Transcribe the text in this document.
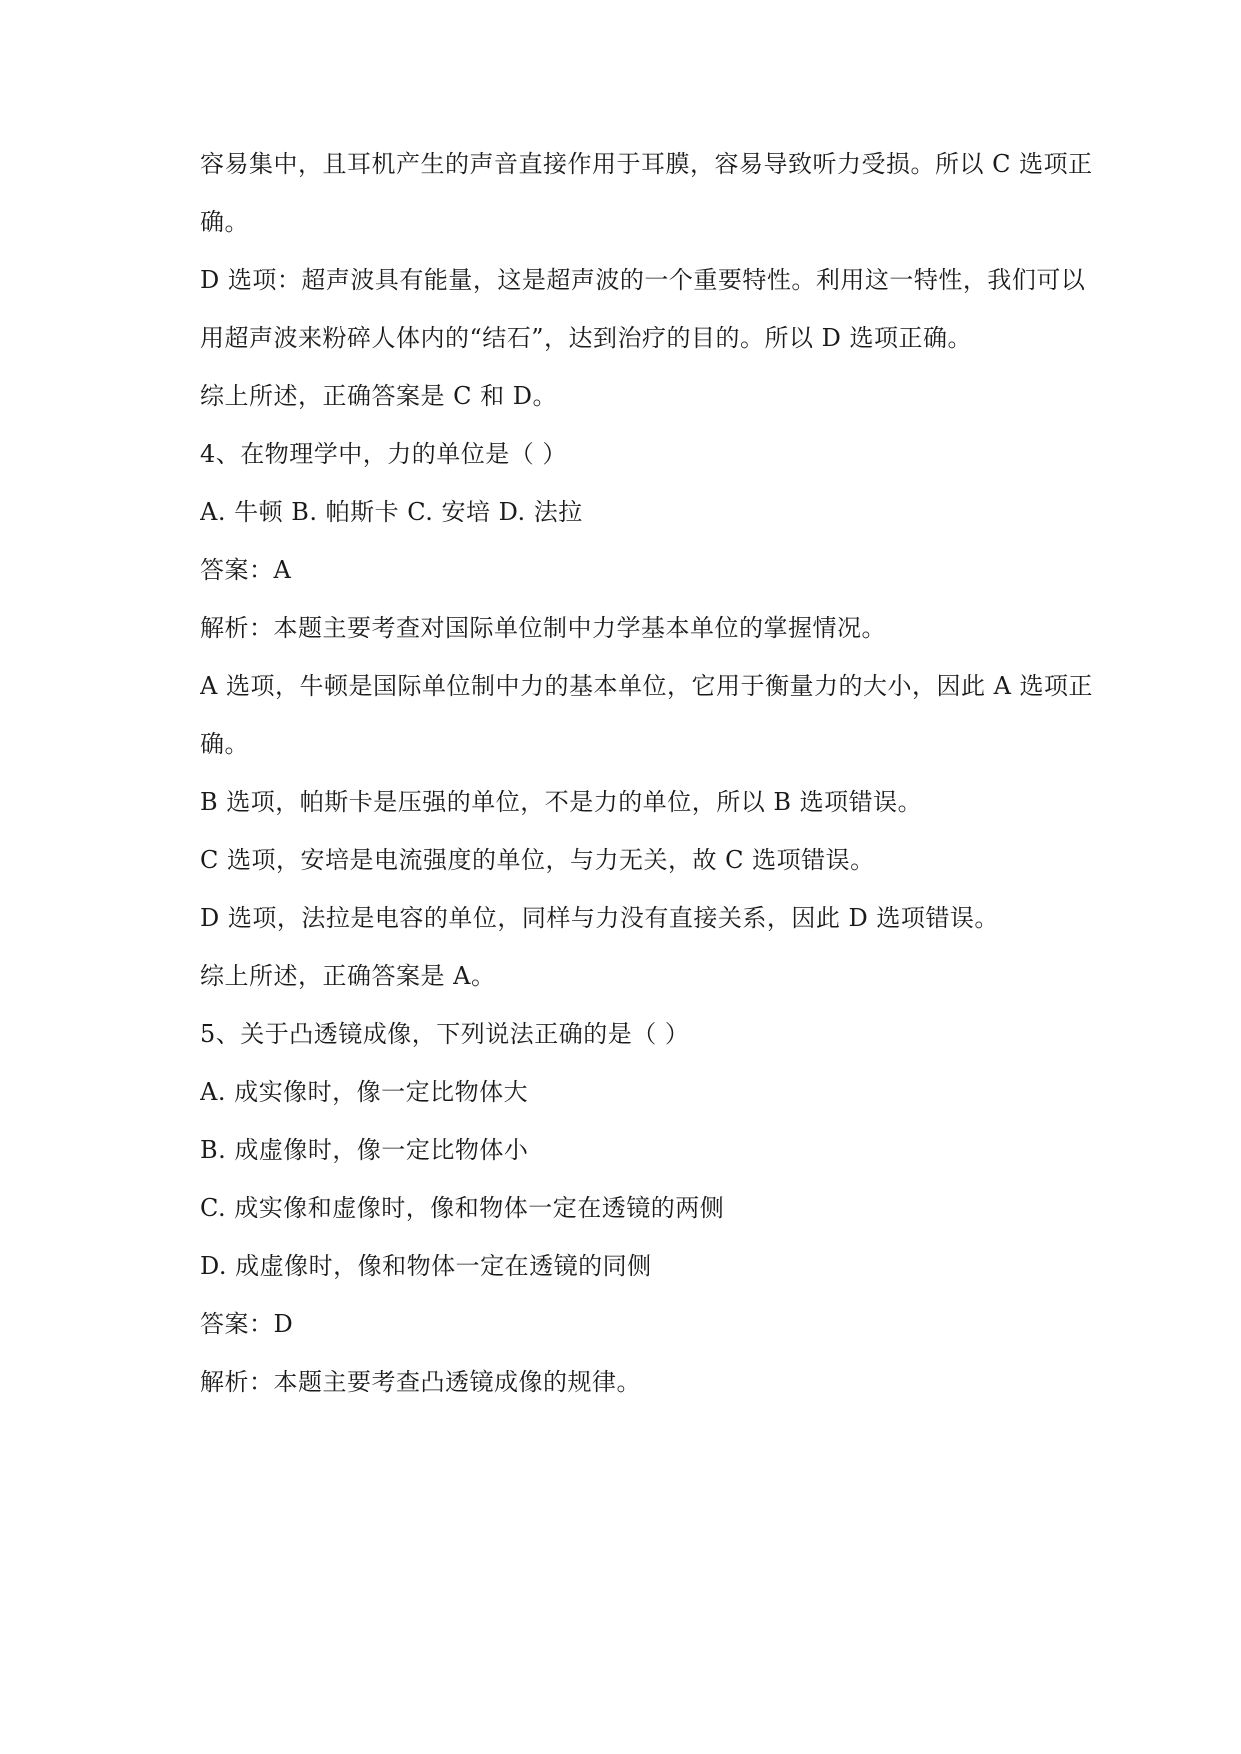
容易集中，且耳机产生的声音直接作用于耳膜，容易导致听力受损。所以 C 选项正
确。
D 选项：超声波具有能量，这是超声波的一个重要特性。利用这一特性，我们可以
用超声波来粉碎人体内的“结石”，达到治疗的目的。所以 D 选项正确。
综上所述，正确答案是 C 和 D。
4、在物理学中，力的单位是（ ）
A. 牛顿 B. 帕斯卡 C. 安培 D. 法拉
答案：A
解析：本题主要考查对国际单位制中力学基本单位的掌握情况。
A 选项，牛顿是国际单位制中力的基本单位，它用于衡量力的大小，因此 A 选项正
确。
B 选项，帕斯卡是压强的单位，不是力的单位，所以 B 选项错误。
C 选项，安培是电流强度的单位，与力无关，故 C 选项错误。
D 选项，法拉是电容的单位，同样与力没有直接关系，因此 D 选项错误。
综上所述，正确答案是 A。
5、关于凸透镜成像，下列说法正确的是（ ）
A. 成实像时，像一定比物体大
B. 成虚像时，像一定比物体小
C. 成实像和虚像时，像和物体一定在透镜的两侧
D. 成虚像时，像和物体一定在透镜的同侧
答案：D
解析：本题主要考查凸透镜成像的规律。
